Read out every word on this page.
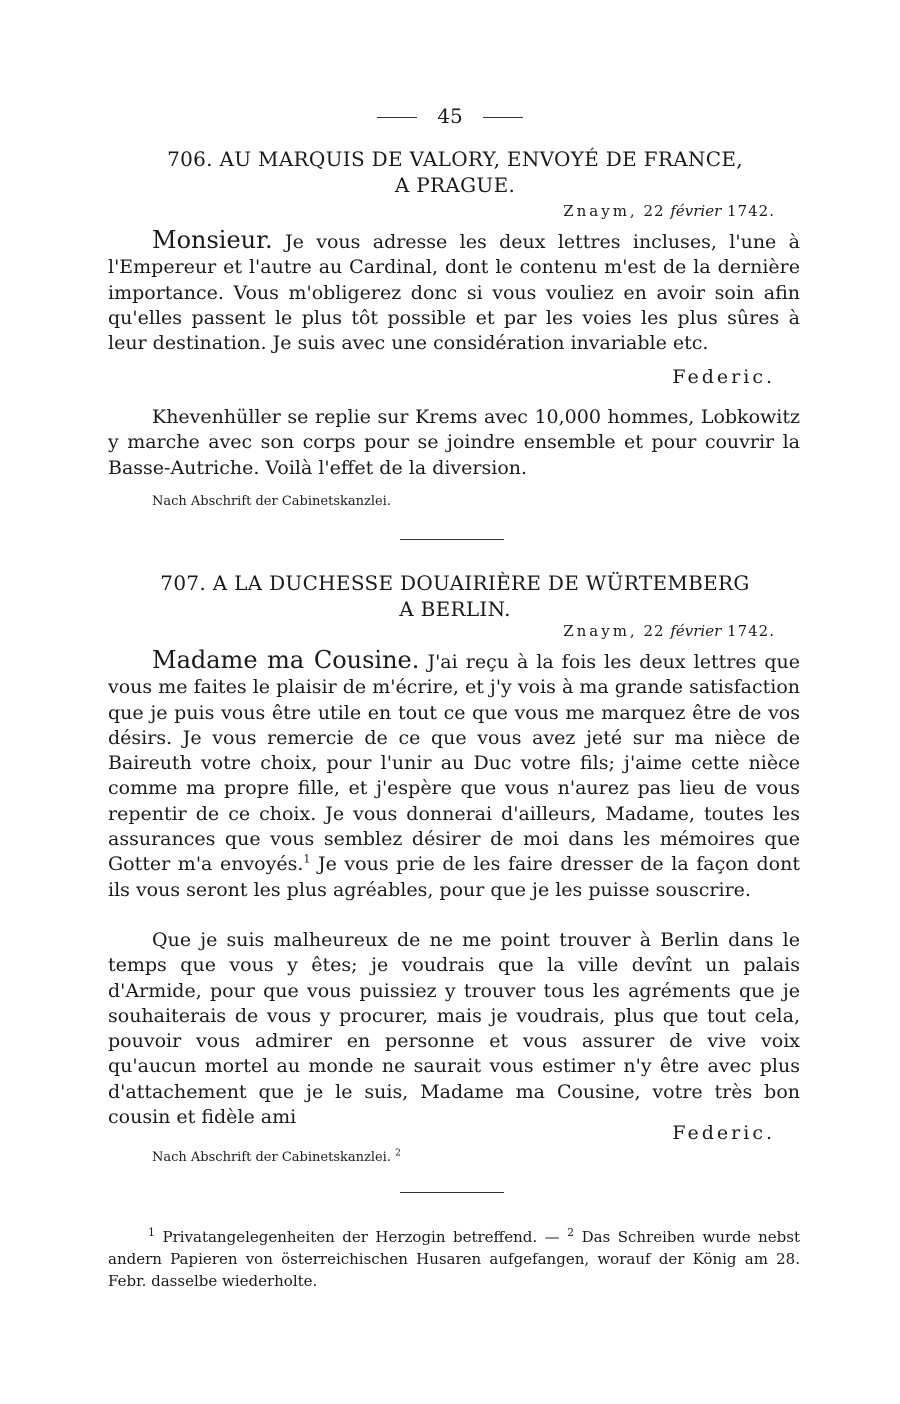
45
706. AU MARQUIS DE VALORY, ENVOYÉ DE FRANCE,
A PRAGUE.
Znaym, 22 février 1742.

Monsieur. Je vous adresse les deux lettres incluses, l'une à l'Empereur et l'autre au Cardinal, dont le contenu m'est de la dernière importance. Vous m'obligerez donc si vous vouliez en avoir soin afin qu'elles passent le plus tôt possible et par les voies les plus sûres à leur destination. Je suis avec une considération invariable etc.

Federic.

Khevenhüller se replie sur Krems avec 10,000 hommes, Lobkowitz y marche avec son corps pour se joindre ensemble et pour couvrir la Basse-Autriche. Voilà l'effet de la diversion.

Nach Abschrift der Cabinetskanzlei.
707. A LA DUCHESSE DOUAIRIÈRE DE WÜRTEMBERG
A BERLIN.
Znaym, 22 février 1742.

Madame ma Cousine. J'ai reçu à la fois les deux lettres que vous me faites le plaisir de m'écrire, et j'y vois à ma grande satisfaction que je puis vous être utile en tout ce que vous me marquez être de vos désirs. Je vous remercie de ce que vous avez jeté sur ma nièce de Baireuth votre choix, pour l'unir au Duc votre fils; j'aime cette nièce comme ma propre fille, et j'espère que vous n'aurez pas lieu de vous repentir de ce choix. Je vous donnerai d'ailleurs, Madame, toutes les assurances que vous semblez désirer de moi dans les mémoires que Gotter m'a envoyés.$^1$ Je vous prie de les faire dresser de la façon dont ils vous seront les plus agréables, pour que je les puisse souscrire.

Que je suis malheureux de ne me point trouver à Berlin dans le temps que vous y êtes; je voudrais que la ville devînt un palais d'Armide, pour que vous puissiez y trouver tous les agréments que je souhaiterais de vous y procurer, mais je voudrais, plus que tout cela, pouvoir vous admirer en personne et vous assurer de vive voix qu'aucun mortel au monde ne saurait vous estimer n'y être avec plus d'attachement que je le suis, Madame ma Cousine, votre très bon cousin et fidèle ami

Federic.
Nach Abschrift der Cabinetskanzlei. $^2$

$^1$ Privatangelegenheiten der Herzogin betreffend. — $^2$ Das Schreiben wurde nebst andern Papieren von österreichischen Husaren aufgefangen, worauf der König am 28. Febr. dasselbe wiederholte.
